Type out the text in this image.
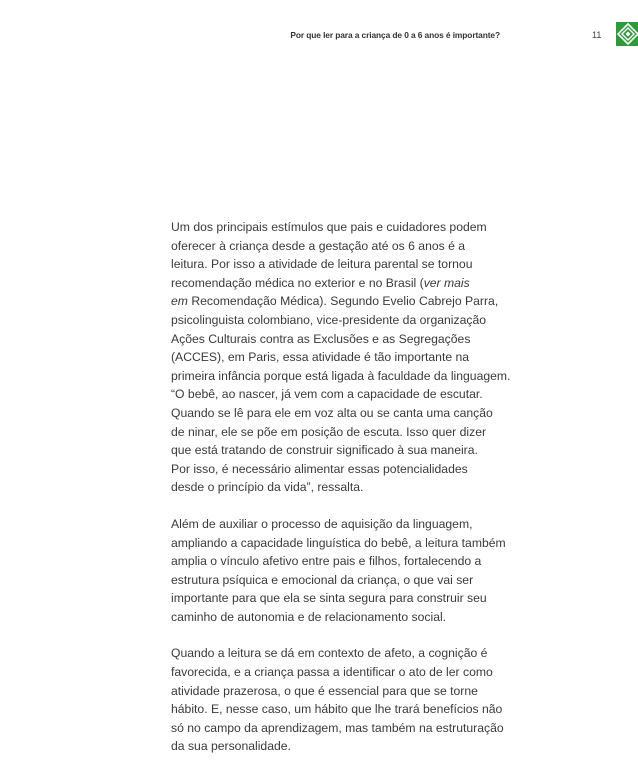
Por que ler para a criança de 0 a 6 anos é importante?	11
Um dos principais estímulos que pais e cuidadores podem
oferecer à criança desde a gestação até os 6 anos é a
leitura. Por isso a atividade de leitura parental se tornou
recomendação médica no exterior e no Brasil (ver mais
em Recomendação Médica). Segundo Evelio Cabrejo Parra,
psicolinguista colombiano, vice-presidente da organização
Ações Culturais contra as Exclusões e as Segregações
(ACCES), em Paris, essa atividade é tão importante na
primeira infância porque está ligada à faculdade da linguagem.
“O bebê, ao nascer, já vem com a capacidade de escutar.
Quando se lê para ele em voz alta ou se canta uma canção
de ninar, ele se põe em posição de escuta. Isso quer dizer
que está tratando de construir significado à sua maneira.
Por isso, é necessário alimentar essas potencialidades
desde o princípio da vida”, ressalta.
Além de auxiliar o processo de aquisição da linguagem,
ampliando a capacidade linguística do bebê, a leitura também
amplia o vínculo afetivo entre pais e filhos, fortalecendo a
estrutura psíquica e emocional da criança, o que vai ser
importante para que ela se sinta segura para construir seu
caminho de autonomia e de relacionamento social.
Quando a leitura se dá em contexto de afeto, a cognição é
favorecida, e a criança passa a identificar o ato de ler como
atividade prazerosa, o que é essencial para que se torne
hábito. E, nesse caso, um hábito que lhe trará benefícios não
só no campo da aprendizagem, mas também na estruturação
da sua personalidade.
